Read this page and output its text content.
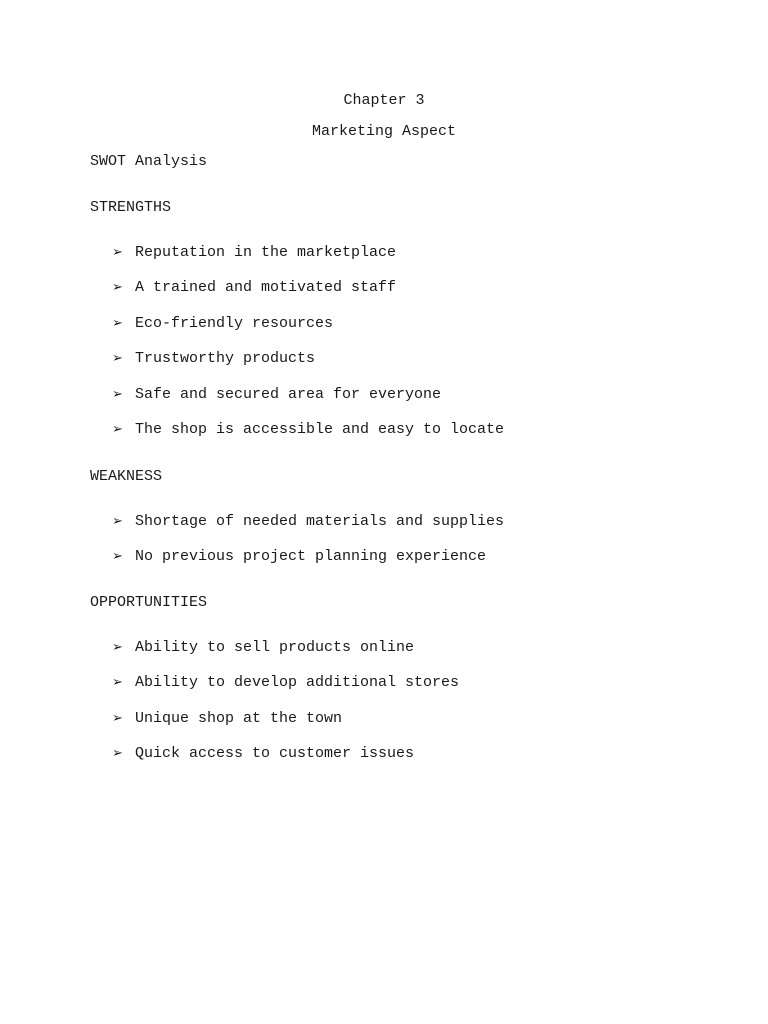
Chapter 3
Marketing Aspect
SWOT Analysis
STRENGTHS
➢ Reputation in the marketplace
➢ A trained and motivated staff
➢ Eco-friendly resources
➢ Trustworthy products
➢ Safe and secured area for everyone
➢ The shop is accessible and easy to locate
WEAKNESS
➢ Shortage of needed materials and supplies
➢ No previous project planning experience
OPPORTUNITIES
➢ Ability to sell products online
➢ Ability to develop additional stores
➢ Unique shop at the town
➢ Quick access to customer issues
